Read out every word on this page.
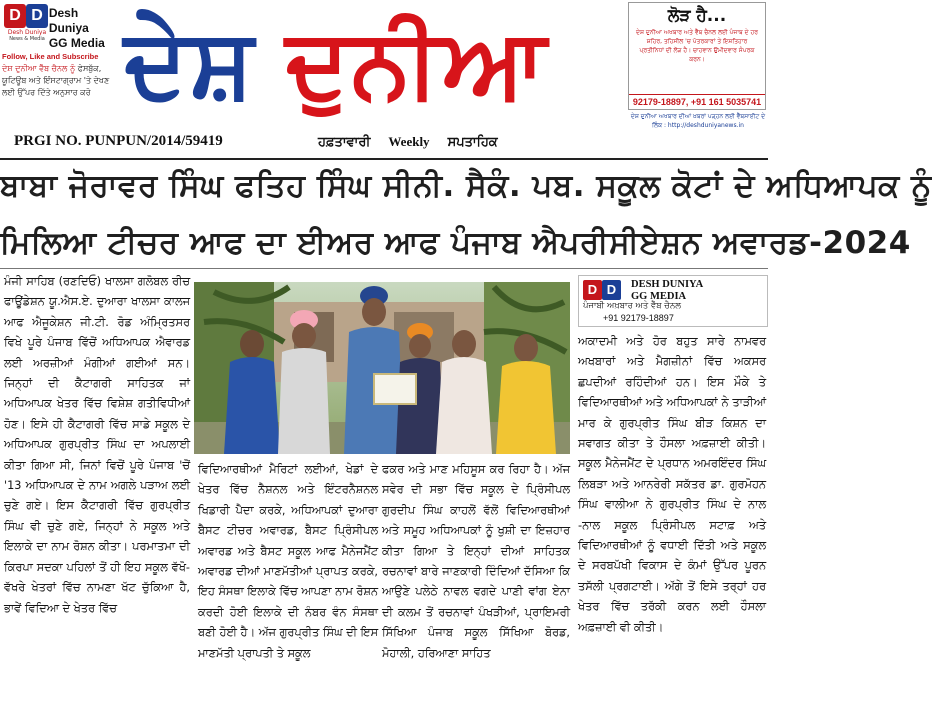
D D
Desh Duniya
News & Media
Desh Duniya
GG Media
Follow, Like and Subscribe
ਦੇਸ਼ ਦੁਨੀਆ ਵੈੱਬ ਚੈਨਲ ਨੂੰ ਫੇਸਬੁੱਕ, ਯੂਟਿਊਬ ਅਤੇ ਇੰਸਟਾਗ੍ਰਾਮ 'ਤੇ ਦੇਖਣ ਲਈ ਉੱਪਰ ਦਿੱਤੇ ਅਨੁਸਾਰ ਕਰੋ ਦੇਸ਼ ਦੁਨੀਆ	ਲੋੜ ਹੈ...
ਦੇਸ਼ ਦੁਨੀਆ ਅਖਬਾਰ ਅਤੇ ਵੈੱਬ ਚੈਨਲ ਲਈ ਪੰਜਾਬ ਦੇ ਹਰ ਸ਼ਹਿਰ, ਤਹਿਸੀਲ 'ਚ ਪੱਤਰਕਾਰਾਂ ਤੇ ਇਸ਼ਤਿਹਾਰ ਪ੍ਰਤੀਨਿਧਾਂ ਦੀ ਲੋੜ ਹੈ। ਚਾਹਵਾਨ ਉਮੀਦਵਾਰ ਸੰਪਰਕ ਕਰਨ।
92179-18897, +91 161 5035741
ਦੇਸ਼ ਦੁਨੀਆ ਅਖਬਾਰ ਦੀਆਂ ਖ਼ਬਰਾਂ ਪੜ੍ਹਨ ਲਈ ਵੈੱਬਸਾਈਟ ਦੇ ਲਿੰਕ : http://deshduniyanews.in
PRGI NO. PUNPUN/2014/59419	ਹਫ਼ਤਾਵਾਰੀ Weekly ਸਪਤਾਹਿਕ
ਬਾਬਾ ਜੋਰਾਵਰ ਸਿੰਘ ਫਤਿਹ ਸਿੰਘ ਸੀਨੀ. ਸੈਕੰ. ਪਬ. ਸਕੂਲ ਕੋਟਾਂ ਦੇ ਅਧਿਆਪਕ ਨੂੰ
ਮਿਲਿਆ ਟੀਚਰ ਆਫ ਦਾ ਈਅਰ ਆਫ ਪੰਜਾਬ ਐਪਰੀਸੀਏਸ਼ਨ ਅਵਾਰਡ-2024
ਮੰਜੀ ਸਾਹਿਬ (ਰਣਦਿਓ) ਖਾਲਸਾ ਗਲੋਬਲ ਰੀਚ ਫਾਊਂਡੇਸ਼ਨ ਯੂ.ਐਸ.ਏ. ਦੁਆਰਾ ਖਾਲਸਾ ਕਾਲਜ ਆਫ ਐਜੂਕੇਸ਼ਨ ਜੀ.ਟੀ. ਰੋਡ ਅੰਮ੍ਰਿਤਸਰ ਵਿਖੇ ਪੂਰੇ ਪੰਜਾਬ ਵਿੱਚੋਂ ਅਧਿਆਪਕ ਐਵਾਰਡ ਲਈ ਅਰਜ਼ੀਆਂ ਮੰਗੀਆਂ ਗਈਆਂ ਸਨ। ਜਿਨ੍ਹਾਂ ਦੀ ਕੈਟਾਗਰੀ ਸਾਹਿਤਕ ਜਾਂ ਅਧਿਆਪਕ ਖੇਤਰ ਵਿੱਚ ਵਿਸ਼ੇਸ਼ ਗਤੀਵਿਧੀਆਂ ਹੋਣ। ਇਸੇ ਹੀ ਕੈਟਾਗਰੀ ਵਿੱਚ ਸਾਡੇ ਸਕੂਲ ਦੇ ਅਧਿਆਪਕ ਗੁਰਪ੍ਰੀਤ ਸਿੰਘ ਦਾ ਅਪਲਾਈ ਕੀਤਾ ਗਿਆ ਸੀ, ਜਿਨਾਂ ਵਿਚੋਂ ਪੂਰੇ ਪੰਜਾਬ 'ਚੋਂ '13 ਅਧਿਆਪਕ ਦੇ ਨਾਮ ਅਗਲੇ ਪੜਾਅ ਲਈ ਚੁਣੇ ਗਏ। ਇਸ ਕੈਟਾਗਰੀ ਵਿੱਚ ਗੁਰਪ੍ਰੀਤ ਸਿੰਘ ਵੀ ਚੁਣੇ ਗਏ, ਜਿਨ੍ਹਾਂ ਨੇ ਸਕੂਲ ਅਤੇ ਇਲਾਕੇ ਦਾ ਨਾਮ ਰੋਸ਼ਨ ਕੀਤਾ। ਪਰਮਾਤਮਾ ਦੀ ਕਿਰਪਾ ਸਦਕਾ ਪਹਿਲਾਂ ਤੋਂ ਹੀ ਇਹ ਸਕੂਲ ਵੱਖੋ- ਵੱਖਰੇ ਖੇਤਰਾਂ ਵਿੱਚ ਨਾਮਣਾ ਖੱਟ ਚੁੱਕਿਆ ਹੈ, ਭਾਵੇਂ ਵਿਦਿਆ ਦੇ ਖੇਤਰ ਵਿੱਚ
ਵਿਦਿਆਰਥੀਆਂ ਮੈਰਿਟਾਂ ਲਈਆਂ, ਖੇਡਾਂ ਦੇ ਖੇਤਰ ਵਿੱਚ ਨੈਸ਼ਨਲ ਅਤੇ ਇੰਟਰਨੈਸ਼ਨਲ ਖਿਡਾਰੀ ਪੈਦਾ ਕਰਕੇ, ਅਧਿਆਪਕਾਂ ਦੁਆਰਾ ਬੈਸਟ ਟੀਚਰ ਅਵਾਰਡ, ਬੈਸਟ ਪ੍ਰਿੰਸੀਪਲ ਅਵਾਰਡ ਅਤੇ ਬੈਸਟ ਸਕੂਲ ਆਫ ਮੈਨੇਜਮੈਂਟ ਅਵਾਰਡ ਦੀਆਂ ਮਾਣਮੱਤੀਆਂ ਪ੍ਰਾਪਤ ਕਰਕੇ, ਇਹ ਸੰਸਥਾ ਇਲਾਕੇ ਵਿੱਚ ਆਪਣਾ ਨਾਮ ਰੋਸ਼ਨ ਕਰਦੀ ਹੋਈ ਇਲਾਕੇ ਦੀ ਨੰਬਰ ਵੰਨ ਸੰਸਥਾ ਬਣੀ ਹੋਈ ਹੈ। ਅੱਜ ਗੁਰਪ੍ਰੀਤ ਸਿੰਘ ਦੀ ਇਸ ਮਾਣਮੱਤੀ ਪ੍ਰਾਪਤੀ ਤੇ ਸਕੂਲ
ਫਕਰ ਅਤੇ ਮਾਣ ਮਹਿਸੂਸ ਕਰ ਰਿਹਾ ਹੈ। ਅੱਜ ਸਵੇਰ ਦੀ ਸਭਾ ਵਿੱਚ ਸਕੂਲ ਦੇ ਪ੍ਰਿੰਸੀਪਲ ਗੁਰਦੀਪ ਸਿੰਘ ਕਾਹਲੋਂ ਵੱਲੋਂ ਵਿਦਿਆਰਥੀਆਂ ਅਤੇ ਸਮੂਹ ਅਧਿਆਪਕਾਂ ਨੂੰ ਖੁਸ਼ੀ ਦਾ ਇਜ਼ਹਾਰ ਕੀਤਾ ਗਿਆ ਤੇ ਇਨ੍ਹਾਂ ਦੀਆਂ ਸਾਹਿਤਕ ਰਚਨਾਵਾਂ ਬਾਰੇ ਜਾਣਕਾਰੀ ਦਿੰਦਿਆਂ ਦੱਸਿਆ ਕਿ ਆਉਣੇ ਪਲੇਠੇ ਨਾਵਲ ਵਗਦੇ ਪਾਣੀ ਵਾਂਗ ਏਨਾ ਦੀ ਕਲਮ ਤੋਂ ਰਚਨਾਵਾਂ ਪੰਖੜੀਆਂ, ਪ੍ਰਾਇਮਰੀ ਸਿੱਖਿਆ ਪੰਜਾਬ ਸਕੂਲ ਸਿੱਖਿਆ ਬੋਰਡ, ਮੋਹਾਲੀ, ਹਰਿਆਣਾ ਸਾਹਿਤ
D D	DESH DUNIYA
GG MEDIA
ਪੰਜਾਬੀ ਅਖ਼ਬਾਰ ਅਤੇ ਵੈੱਬ ਚੈਨਲ
+91 92179-18897
ਅਕਾਦਮੀ ਅਤੇ ਹੋਰ ਬਹੁਤ ਸਾਰੇ ਨਾਮਵਰ ਅਖਬਾਰਾਂ ਅਤੇ ਮੈਗਜ਼ੀਨਾਂ ਵਿੱਚ ਅਕਸਰ ਛਪਦੀਆਂ ਰਹਿੰਦੀਆਂ ਹਨ। ਇਸ ਮੌਕੇ ਤੇ ਵਿਦਿਆਰਥੀਆਂ ਅਤੇ ਅਧਿਆਪਕਾਂ ਨੇ ਤਾੜੀਆਂ ਮਾਰ ਕੇ ਗੁਰਪ੍ਰੀਤ ਸਿੰਘ ਬੀੜ ਕਿਸ਼ਨ ਦਾ ਸਵਾਗਤ ਕੀਤਾ ਤੇ ਹੌਸਲਾ ਅਫ਼ਜ਼ਾਈ ਕੀਤੀ। ਸਕੂਲ ਮੈਨੇਜਮੈਂਟ ਦੇ ਪ੍ਰਧਾਨ ਅਮਰਇੰਦਰ ਸਿੰਘ ਲਿਬੜਾ ਅਤੇ ਆਨਰੇਰੀ ਸਕੱਤਰ ਡਾ. ਗੁਰਮੋਹਨ ਸਿੰਘ ਵਾਲੀਆ ਨੇ ਗੁਰਪ੍ਰੀਤ ਸਿੰਘ ਦੇ ਨਾਲ -ਨਾਲ ਸਕੂਲ ਪ੍ਰਿੰਸੀਪਲ ਸਟਾਫ਼ ਅਤੇ ਵਿਦਿਆਰਥੀਆਂ ਨੂੰ ਵਧਾਈ ਦਿੱਤੀ ਅਤੇ ਸਕੂਲ ਦੇ ਸਰਬਪੱਖੀ ਵਿਕਾਸ ਦੇ ਕੰਮਾਂ ਉੱਪਰ ਪੂਰਨ ਤਸੱਲੀ ਪ੍ਰਗਟਾਈ। ਅੱਗੇ ਤੋਂ ਇਸੇ ਤਰ੍ਹਾਂ ਹਰ ਖੇਤਰ ਵਿੱਚ ਤਰੱਕੀ ਕਰਨ ਲਈ ਹੌਸਲਾ ਅਫ਼ਜ਼ਾਈ ਵੀ ਕੀਤੀ।
